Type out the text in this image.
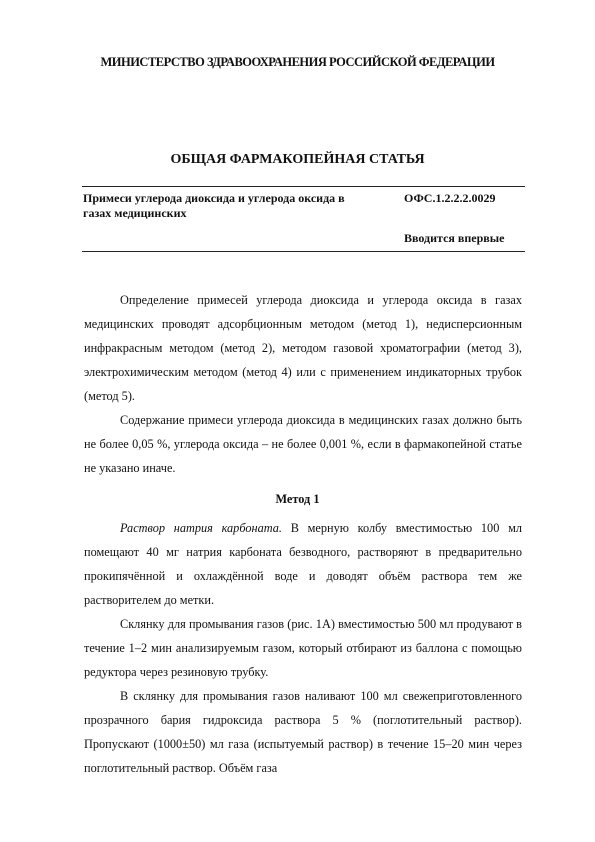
МИНИСТЕРСТВО ЗДРАВООХРАНЕНИЯ РОССИЙСКОЙ ФЕДЕРАЦИИ
ОБЩАЯ ФАРМАКОПЕЙНАЯ СТАТЬЯ
Примеси углерода диоксида и углерода оксида в газах медицинских
ОФС.1.2.2.2.0029
Вводится впервые

Определение примесей углерода диоксида и углерода оксида в газах медицинских проводят адсорбционным методом (метод 1), недисперсионным инфракрасным методом (метод 2), методом газовой хроматографии (метод 3), электрохимическим методом (метод 4) или с применением индикаторных трубок (метод 5).

Содержание примеси углерода диоксида в медицинских газах должно быть не более 0,05 %, углерода оксида – не более 0,001 %, если в фармакопейной статье не указано иначе.

Метод 1

Раствор натрия карбоната. В мерную колбу вместимостью 100 мл помещают 40 мг натрия карбоната безводного, растворяют в предварительно прокипячённой и охлаждённой воде и доводят объём раствора тем же растворителем до метки.

Склянку для промывания газов (рис. 1А) вместимостью 500 мл продувают в течение 1–2 мин анализируемым газом, который отбирают из баллона с помощью редуктора через резиновую трубку.

В склянку для промывания газов наливают 100 мл свежеприготовленного прозрачного бария гидроксида раствора 5 % (поглотительный раствор). Пропускают (1000±50) мл газа (испытуемый раствор) в течение 15–20 мин через поглотительный раствор. Объём газа
